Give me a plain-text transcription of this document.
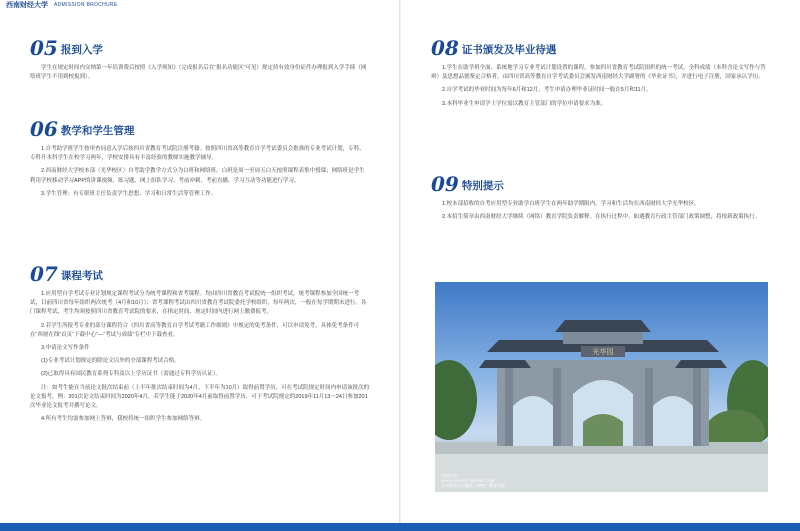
西南财经大学 ADMISSION BROCHURE
05 报到入学

学生在规定时间内交纳第一年培训费后按照《入学须知》（完成报名后在“报名功能区”可见）规定持有效身份证件办理报到入学手续（网络班学生不用到校报到）。

06 教学和学生管理

1.自考助学班学生按审查同意入学后按四川省教育考试院注册考籍。按照四川省高等教育自学考试委员会批准的专业考试计划，专科、专科升本科学生在校学习两年，学校安排具有丰富经验的教师实施教学辅导。

2.西南财经大学校本部（光华校区）自考助学教学方式分为白班和网络班。白班是周一至周五白天按照课程表集中授课；网络班是学生利用学校移动学习APP的讲课视频、练习题、网上组队学习、考前冲刺、考前直播、学习互动等功能进行学习。

3.学生管理：有专职班主任负责学生思想、学习和日常生活等管理工作。

07 课程考试

1.应用型自学考试专业计划规定课程考试分为统考课程和省考课程。均由四川省教育考试院统一组织考试。统考课程参加全国统一考试，目前四川省每年组织两次统考（4月和10月）；省考课程考试由四川省教育考试院委托学校组织，每年两次，一般在每学期期末进行。各门课程考试，考生均须按照四川省教育考试院的要求，在指定时间、规定时间内进行网上缴费报考。

2.若学生所报考专业的部分课程符合《四川省高等教育自学考试考籍工作细则》中规定的免考条件，可以申请免考。具体免考条件可在“西财在线”首页“下载中心”—“考试与成绩”专栏中下载查看。

3.申请论文写作条件

(1)专业考试计划规定的除论文以外的全部课程考试合格。

(2)已取得具有国民教育系列专科及以上学历证书（需通过专科学历认证）。

注：如考生能在当前论文批次结束前（上半年批次结束时间为4月、下半年为10月）取得前置学历，可在考试院规定时间内申请该批次的论文报考。例：201次论文结束时间为2020年4月，若学生能于2020年4月前取得前置学历，可于考试院规定的2019年11月13～24日参加201次毕业论文报考并撰写论文。

4.所有考生均需参加网上答辩，我校将统一组织学生参加网络答辩。

08 证书颁发及毕业待遇

1.学生在助学班全面、系统地学习专业考试计划设置的课程，参加四川省教育考试院组织的统一考试，全科成绩（本科含论文写作与答辩）及思想品德鉴定合格者，由四川省高等教育自学考试委员会颁发西南财经大学副署的《毕业证书》，并进行电子注册，国家承认学历。

2.自学考试的毕业时间为每年6月和12月，考生申请办理毕业证时间一般在5月和11月。

3.本科毕业生申请学士学位需以教育主管部门的学位申请要求为准。

09 特别提示

1.校本部招收的自考应用型专业助学白班学生在两年助学期限内，学习和生活均在西南财经大学光华校区。

2.本招生简章由西南财经大学继续（网络）教育学院负责解释。在执行过程中，如遇教育行政主管部门政策调整，将按新政策执行。

光华园
西财在线
WWW.SWUFE-ONLINE.COM
西南财经大学继续（网络）教育学院
○○○
